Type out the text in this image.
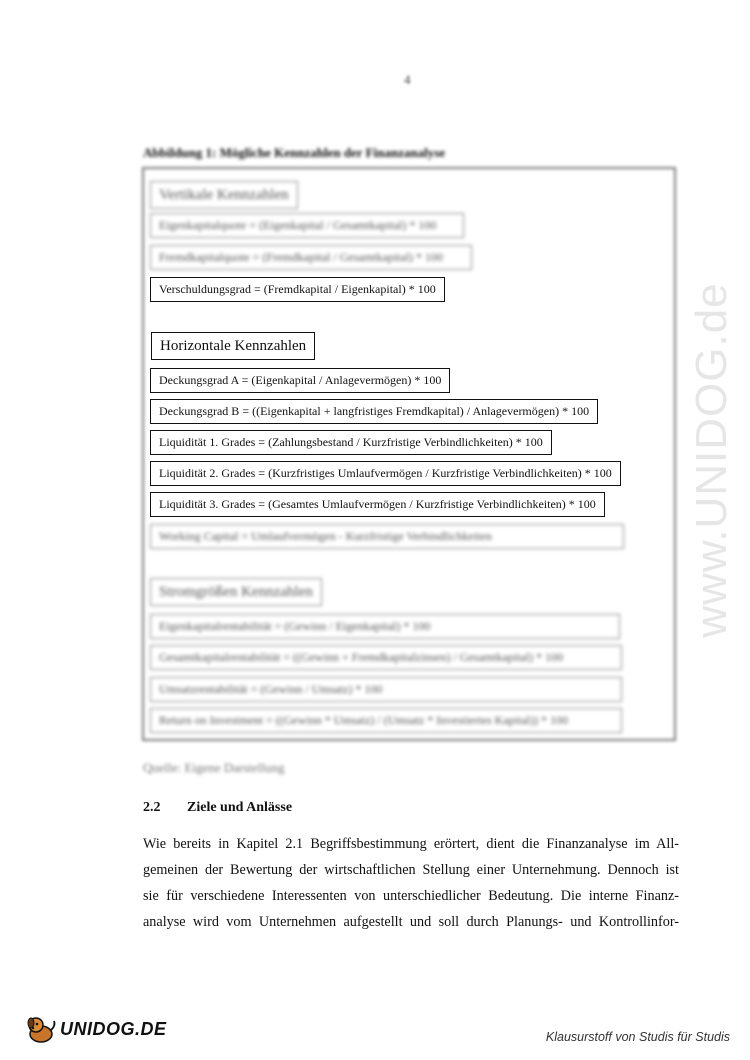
www.UNIDOG.de
4
Abbildung 1: Mögliche Kennzahlen der Finanzanalyse
Vertikale Kennzahlen
Eigenkapitalquote = (Eigenkapital / Gesamtkapital) * 100
Fremdkapitalquote = (Fremdkapital / Gesamtkapital) * 100
Verschuldungsgrad = (Fremdkapital / Eigenkapital) * 100
Horizontale Kennzahlen
Deckungsgrad A = (Eigenkapital / Anlagevermögen) * 100
Deckungsgrad B = ((Eigenkapital + langfristiges Fremdkapital) / Anlagevermögen) * 100
Liquidität 1. Grades = (Zahlungsbestand / Kurzfristige Verbindlichkeiten) * 100
Liquidität 2. Grades = (Kurzfristiges Umlaufvermögen / Kurzfristige Verbindlichkeiten) * 100
Liquidität 3. Grades = (Gesamtes Umlaufvermögen / Kurzfristige Verbindlichkeiten) * 100
Working Capital = Umlaufvermögen - Kurzfristige Verbindlichkeiten
Stromgrößen Kennzahlen
Eigenkapitalrentabilität = (Gewinn / Eigenkapital) * 100
Gesamtkapitalrentabilität = ((Gewinn + Fremdkapitalzinsen) / Gesamtkapital) * 100
Umsatzrentabilität = (Gewinn / Umsatz) * 100
Return on Investment = ((Gewinn * Umsatz) / (Umsatz * Investiertes Kapital)) * 100
Quelle: Eigene Darstellung
2.2 Ziele und Anlässe
Wie bereits in Kapitel 2.1 Begriffsbestimmung erörtert, dient die Finanzanalyse im All-
gemeinen der Bewertung der wirtschaftlichen Stellung einer Unternehmung. Dennoch ist
sie für verschiedene Interessenten von unterschiedlicher Bedeutung. Die interne Finanz-
analyse wird vom Unternehmen aufgestellt und soll durch Planungs- und Kontrollinfor-
UNIDOG.DE	Klausurstoff von Studis für Studis
